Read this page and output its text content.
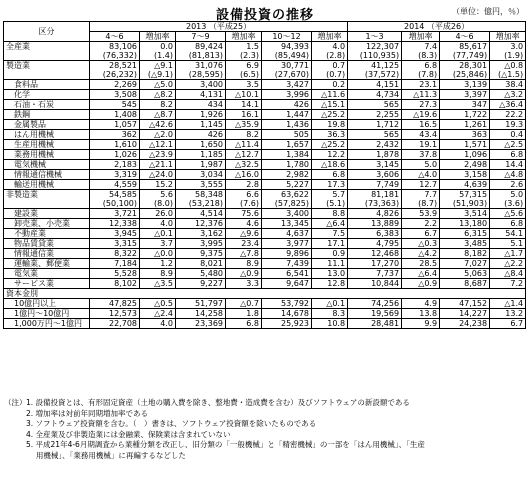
設備投資の推移	（単位：億円，％）
区分	2013 （平成25）						2014 （平成26）			
	4～6	増加率	7～9	増加率	10～12	増加率	1～3	増加率	4～6	増加率
全産業	83,106	0.0	89,424	1.5	94,393	4.0	122,307	7.4	85,617	3.0
	(76,332)	(1.4)	(81,813)	(2.3)	(85,494)	(2.8)	(110,935)	(8.3)	(77,749)	(1.9)
製造業	28,521	△9.1	31,076	6.9	30,771	0.7	41,125	6.8	28,301	△0.8
	(26,232)	(△9.1)	(28,595)	(6.5)	(27,670)	(0.7)	(37,572)	(7.8)	(25,846)	(△1.5)
食料品	2,269	△5.0	3,400	3.5	3,427	0.2	4,151	23.1	3,139	38.4
化学	3,508	△8.2	4,131	△10.1	3,996	△11.6	4,734	△11.3	3,397	△3.2
石油・石炭	545	8.2	434	14.1	426	△15.1	565	27.3	347	△36.4
鉄鋼	1,408	△8.7	1,926	16.1	1,447	△25.2	2,255	△19.6	1,722	22.2
金属製品	1,057	△42.6	1,145	△35.9	1,436	19.8	1,712	16.5	1,261	19.3
はん用機械	362	△2.0	426	8.2	505	36.3	565	43.4	363	0.4
生産用機械	1,610	△12.1	1,650	△11.4	1,657	△25.2	2,432	19.1	1,571	△2.5
業務用機械	1,026	△23.9	1,185	△12.7	1,384	12.2	1,878	37.8	1,096	6.8
電気機械	2,183	△21.1	1,987	△32.5	1,780	△18.6	3,145	5.0	2,498	14.4
情報通信機械	3,319	△24.0	3,034	△16.0	2,982	6.8	3,606	△4.0	3,158	△4.8
輸送用機械	4,559	15.2	3,555	2.8	5,227	17.3	7,749	12.7	4,639	2.6
非製造業	54,585	5.6	58,348	6.6	63,622	5.7	81,181	7.7	57,315	5.0
	(50,100)	(8.0)	(53,218)	(7.6)	(57,825)	(5.1)	(73,363)	(8.7)	(51,903)	(3.6)
建設業	3,721	26.0	4,514	75.6	3,400	8.8	4,826	53.9	3,514	△5.6
卸売業、小売業	12,338	4.0	12,376	4.6	13,345	△6.4	13,889	2.2	13,180	6.8
不動産業	3,945	△0.1	3,162	△9.6	4,637	7.5	6,383	6.7	6,315	54.1
物品賃貸業	3,315	3.7	3,995	23.4	3,977	17.1	4,795	△0.3	3,485	5.1
情報通信業	8,322	△0.0	9,375	△7.8	9,896	0.9	12,468	△4.2	8,182	△1.7
運輸業、郵便業	7,184	1.2	8,021	8.9	7,439	11.1	17,270	28.5	7,027	△2.2
電気業	5,528	8.9	5,480	△0.9	6,541	13.0	7,737	△6.4	5,063	△8.4
サービス業	8,102	△3.5	9,227	3.3	9,647	12.8	10,844	△0.9	8,687	7.2
資本金別										
10億円以上	47,825	△0.5	51,797	△0.7	53,792	△0.1	74,256	4.9	47,152	△1.4
1億円～10億円	12,573	△2.4	14,258	1.8	14,678	8.3	19,569	13.8	14,227	13.2
1,000万円～1億円	22,708	4.0	23,369	6.8	25,923	10.8	28,481	9.9	24,238	6.7
（注） 1. 設備投資とは、有形固定資産（土地の購入費を除き、整地費・造成費を含む）及びソフトウェアの新設額である
2. 増加率は対前年同期増加率である
3. ソフトウェア投資額を含む。（　）書きは、ソフトウェア投資額を除いたものである
4. 全産業及び非製造業には金融業、保険業は含まれていない
5. 平成21年4-6月期調査から業種分類を改正し、旧分類の「一般機械」と「精密機械」の一部を「はん用機械」、「生産
　 用機械」、「業務用機械」に再編するなどした
